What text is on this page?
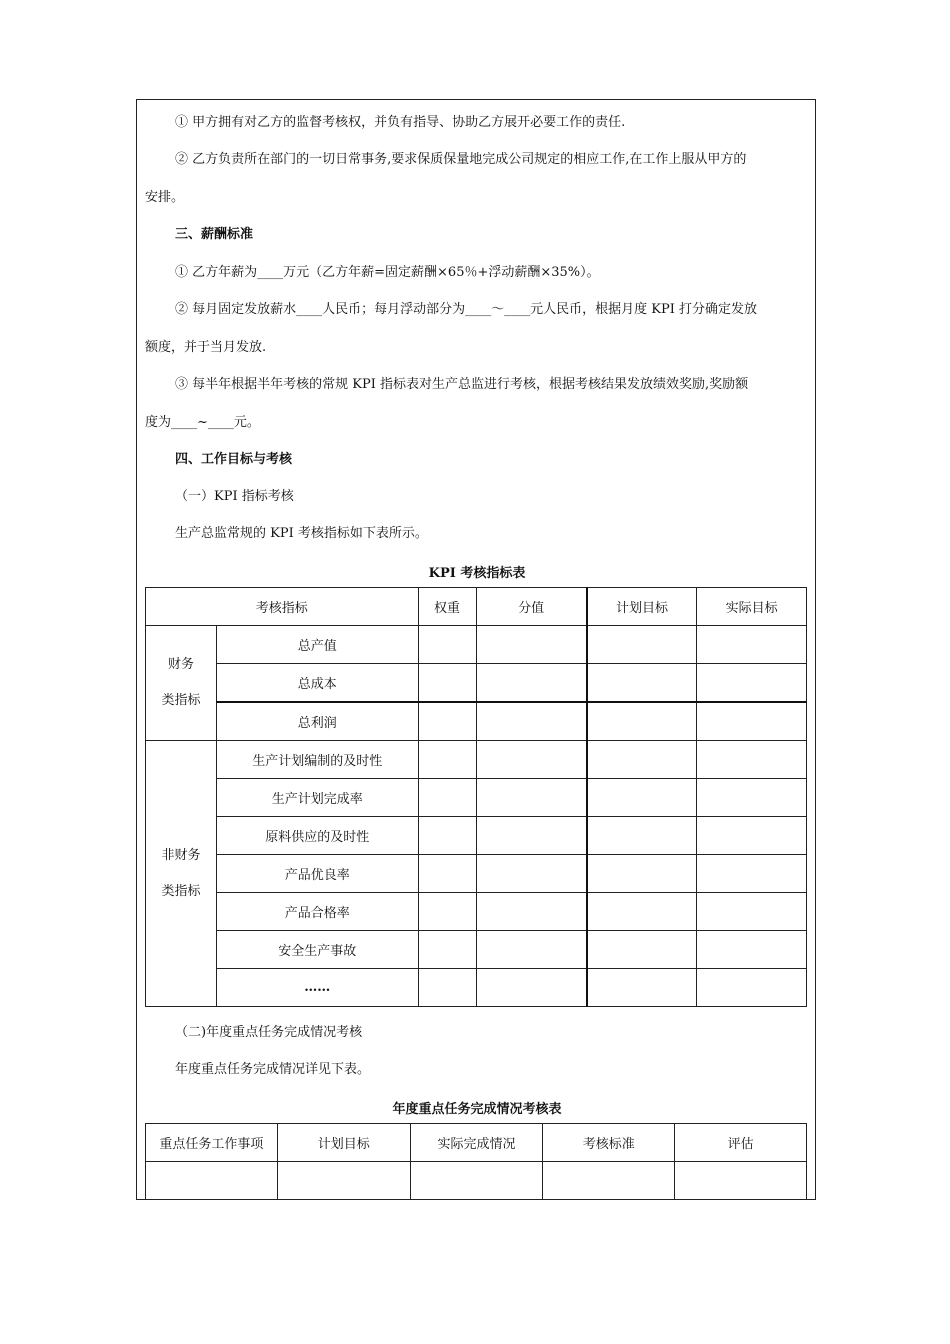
① 甲方拥有对乙方的监督考核权，并负有指导、协助乙方展开必要工作的责任.
② 乙方负责所在部门的一切日常事务,要求保质保量地完成公司规定的相应工作,在工作上服从甲方的
安排。
三、薪酬标准
① 乙方年薪为____万元（乙方年薪=固定薪酬×65％+浮动薪酬×35%）。
② 每月固定发放薪水____人民币；每月浮动部分为____～____元人民币，根据月度 KPI 打分确定发放
额度，并于当月发放.
③ 每半年根据半年考核的常规 KPI 指标表对生产总监进行考核，根据考核结果发放绩效奖励,奖励额
度为____~____元。
四、工作目标与考核
（一）KPI 指标考核
生产总监常规的 KPI 考核指标如下表所示。
KPI 考核指标表
考核指标		权重	分值	计划目标	实际目标

财务
类指标	总产值				
	总成本				
	总利润				

非财务
类指标	生产计划编制的及时性				
	生产计划完成率				
	原料供应的及时性				
	产品优良率				
	产品合格率				
	安全生产事故				
	……				
（二)年度重点任务完成情况考核
年度重点任务完成情况详见下表。
年度重点任务完成情况考核表
重点任务工作事项	计划目标	实际完成情况	考核标准	评估
